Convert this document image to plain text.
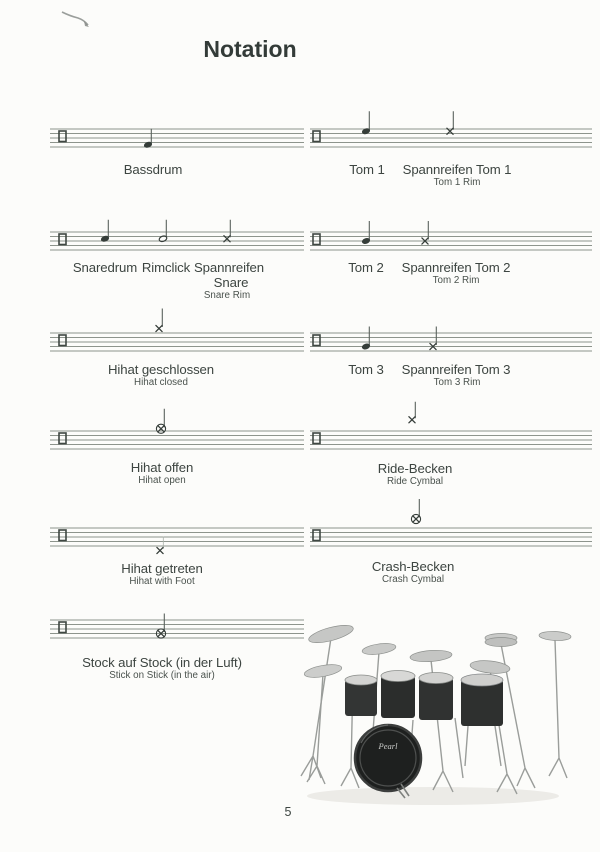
Notation
Bassdrum	Tom 1 Spannreifen Tom 1
Tom 1 Rim
Snaredrum Rimclick Spannreifen
Snare
Snare Rim
Tom 2 Spannreifen Tom 2
Tom 2 Rim
Hihat geschlossen
Hihat closed
Tom 3 Spannreifen Tom 3
Tom 3 Rim
Hihat offen
Hihat open
Ride-Becken
Ride Cymbal
Hihat getreten
Hihat with Foot
Crash-Becken
Crash Cymbal
Stock auf Stock (in der Luft)
Stick on Stick (in the air)
Pearl
5
